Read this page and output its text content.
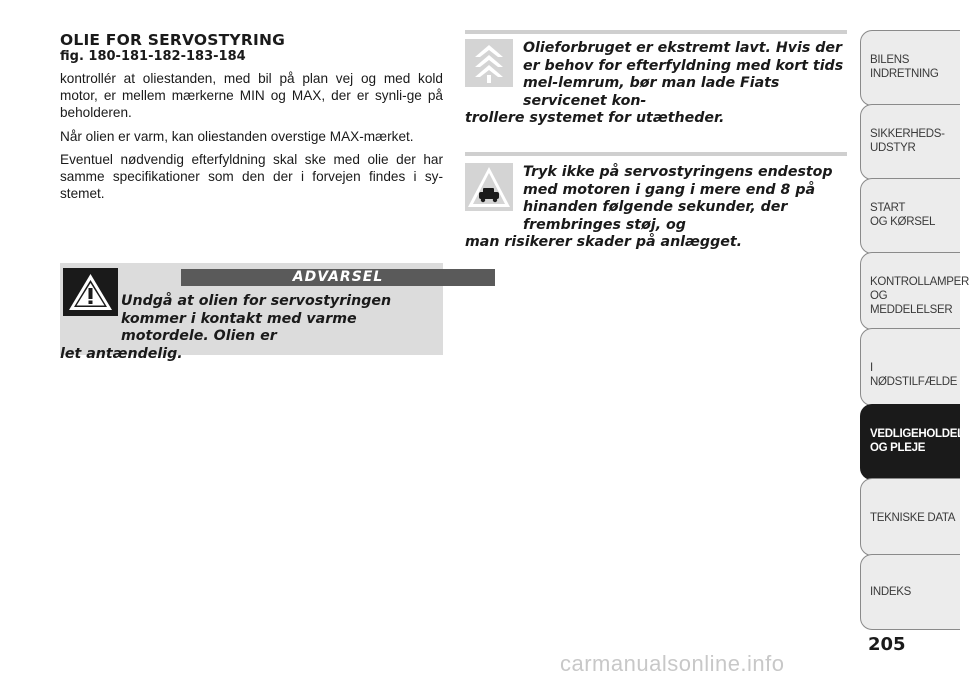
OLIE FOR SERVOSTYRING
fig. 180-181-182-183-184

kontrollér at oliestanden, med bil på plan vej og med kold motor, er mellem mærkerne MIN og MAX, der er synli-ge på beholderen.

Når olien er varm, kan oliestanden overstige MAX-mærket.

Eventuel nødvendig efterfyldning skal ske med olie der har samme specifikationer som den der i forvejen findes i sy-stemet.

ADVARSEL
Undgå at olien for servostyringen kommer i kontakt med varme motordele. Olien er
let antændelig.
Olieforbruget er ekstremt lavt. Hvis der er behov for efterfyldning med kort tids mel-lemrum, bør man lade Fiats servicenet kon-
trollere systemet for utætheder.
Tryk ikke på servostyringens endestop med motoren i gang i mere end 8 på hinanden følgende sekunder, der frembringes støj, og
man risikerer skader på anlægget.
BILENS
INDRETNING
SIKKERHEDS-
UDSTYR
START
OG KØRSEL
KONTROLLAMPER
OG MEDDELELSER
I NØDSTILFÆLDE
VEDLIGEHOLDELSE
OG PLEJE
TEKNISKE DATA
INDEKS
205
carmanualsonline.info
